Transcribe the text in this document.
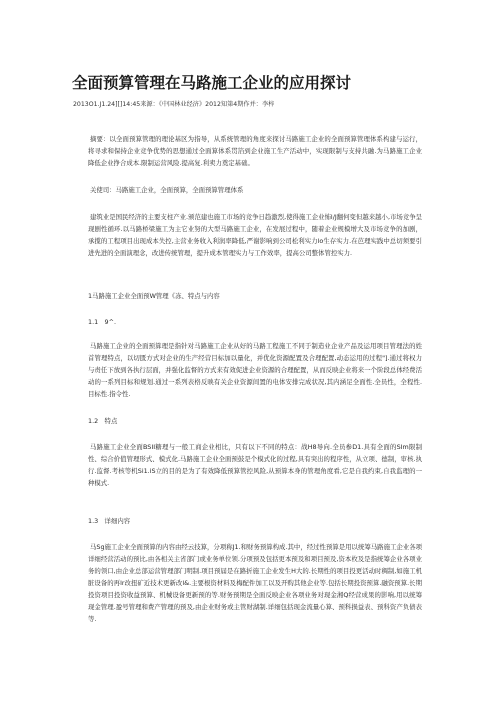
全面预算管理在马路施工企业的应用探讨
2013O1.J1.24][]14:45来源：《中国林业经济》2012知第4期作并：李梓

摘要：以全面预算管理的理论基区为指导，从系统管理的角度来探讨马路施工企业的全面预算管理体系构建与运行，将寻求和保持企业竞争优势的思想通过全面算体系贯箔到企业施工生产活动中，实现限制与支持共融.为马路施工企业降低企业挣合成本.限制运营风险.提高复.利卖力奠定基础。

关使司：马路施工企业，全面预算，全面预算管理体系

建筑业是国民经济的主要支柱产业.颁范建也施工市场的竞争日趋激烈,使得施工企业怖l/J翻何变但越来越小,市场竞争呈现剧性循环.以马路桥梁施工为主它业努的大型马路施工企业，在发展过程中，随着企业规模增大及市场竞争的加剧，承揽的工程项目出现成本失控,主营业务收入利润率降低,严谢影响到公司松利实力lo生存实力.在芭理实践中总切须要引进先进的全面演理念，改进传统管理，提升成本管理实力与工作效率，提高公司整体管控实力.

1马路施工企业全面预W管理《冻、特点与内容
1.1　9^.

马路施工企业的全面预算理是指针对马路施工企业从好的马路工程施工不同于制造业企业产品及运用项目管理法的姓首管理特点，以切匮方式对企业的生产经营目标加以量化，并优化资源配置及合理配置,动态运用的过程"].通过将权力与责任下放到各执行层面，并强化监督的方式来有效促进企业资源的合理配置，从而反映企业将来一个阶段总体经费活动的一系列目标和规划.通过一系列表格反映有关企业资源间置的电体安排完成状况,其内涵足全面性.全员性，全程性.目标性.指令性.

1.2　特点

马路施工企业全面BSII糖理与一般工商企业相比，只有以下不同的特点：战H8导向.全员参D1.具有全面的SIm限制性、综合价值管理形式、模式化.马路施工企业全面预鼓是个模式化的过程,具有突出的程序性，从立项、德制，审核.执行.监督.考核等机Si1.iS立的目的是为了有效降低预算管控风险,从预算本身的管理角度看,它是自我约束,自我监理的一种模式.

1.3　详细内容

马Sg施工企业全面预算的内容由经云技算，分项称J1.和财务预算构成.其中，经过性预算是用以统筹马路施工企业各项详细经营活动的预比,由各相关主省部门或业务单位领.分项预及包括更本预及和项目预及,资本枚及是指统筹企业各项业务的领口,由企业总部运营管理部门明制.项目预届是在路折施工企业发生H大的.长期性的项目投更活动时稠制,如施工机脏设备的再lr改扭矿近技术更新改l&.主要根资材料及梅配件加工以及开购其他企业等.包括长期投资预算.融资预算.长期投资项目投资收益预算、机械设备更新预的等.财务预期是全面反映企业各项业务对现金湘Q经营成果的影响,用以统筹现金管理.盈号管理和费产管理的预及,由企业财务或主管财湖制.详细包括现金流量心算、预科损益表、预科资产负债表等.
